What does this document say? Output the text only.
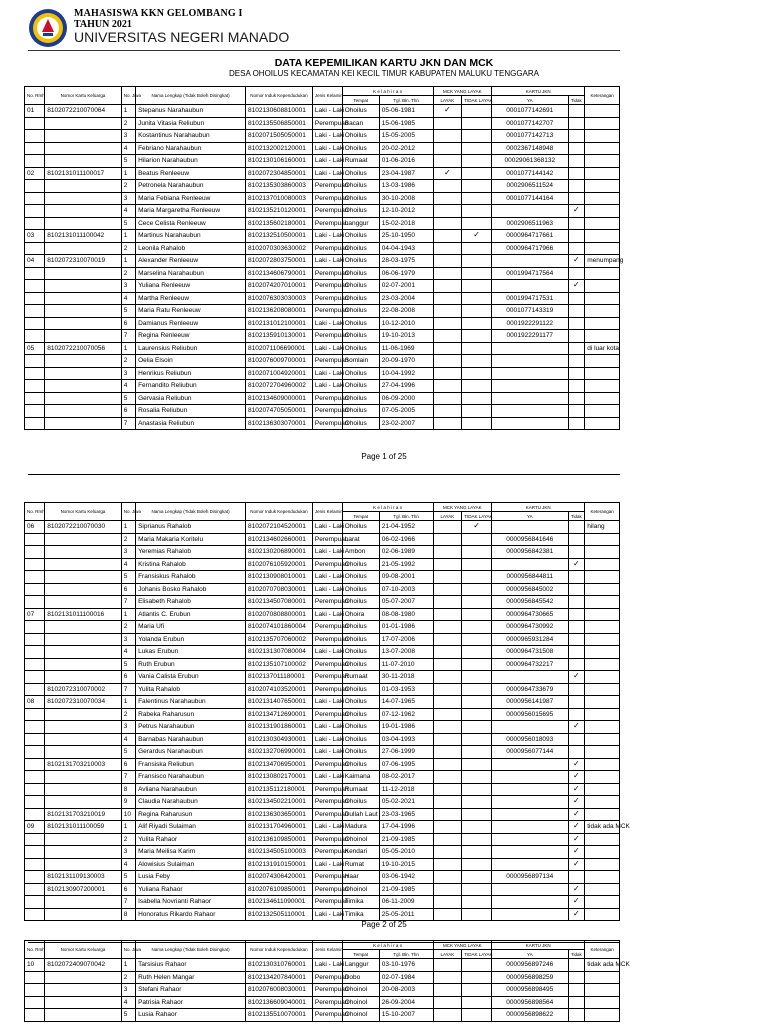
MAHASISWA KKN GELOMBANG I
TAHUN 2021
UNIVERSITAS NEGERI MANADO
DATA KEPEMILIKAN KARTU JKN DAN MCK
DESA OHOILUS KECAMATAN KEI KECIL TIMUR KABUPATEN MALUKU TENGGARA
No. Rmh	Nomor Kartu Keluarga	No. Jiwa	Nama Lengkap (Tidak Boleh Disingkat)	Nomor Induk Kependudukan	Jenis Kelamin	K e l a h i r a n		MCK YANG LAYAK		KARTU JKN		Keterangan
						Tempat	Tgl. Bln. Thn	LAYAK	TIDAK LAYAK	YA	Tidak	
01	8102072210070064	1	Stepanus Narahaubun	8102130608810001	Laki - Laki	Ohoilus	05-06-1981	✓		0001077142691		
		2	Junita Vitasia Reliubun	8102135506850001	Perempuan	Bacan	15-06-1985			0001077142707		
		3	Kostantinus Narahaubun	8102071505050001	Laki - Laki	Ohoilus	15-05-2005			0001077142713		
		4	Febriano Narahaubun	8102132002120001	Laki - Laki	Ohoilus	20-02-2012			0002367148948		
		5	Hilarion Narahaubun	8102130106160001	Laki - Laki	Rumaat	01-06-2016			00029061368132		
02	8102131011100017	1	Beatus Renleeuw	8102072304850001	Laki - Laki	Ohoilus	23-04-1987	✓		0001077144142		
		2	Petronela Narahaubun	8102135303860003	Perempuan	Ohoilus	13-03-1986			0002906511524		
		3	Maria Febiana Renleeuw	8102137010080003	Perempuan	Ohoilus	30-10-2008			0001077144164		
		4	Maria Margaretha Renleeuw	8102135210120001	Perempuan	Ohoilus	12-10-2012				✓	
		5	Cece Celista Renleeuw	8102135602180001	Perempuan	Langgur	15-02-2018			0002906511963		
03	8102131011100042	1	Martinus Narahaubun	8102132510500001	Laki - Laki	Ohoilus	25-10-1950		✓	0000964717661		
		2	Leonila Rahalob	8102070303630002	Perempuan	Ohoilus	04-04-1943			0000964717966		
04	8102072310070019	1	Alexander Renleeuw	8102072803750001	Laki - Laki	Ohoilus	28-03-1975				✓	menumpang
		2	Marselina Narahaubun	8102134606790001	Perempuan	Ohoilus	06-06-1979			0001994717564		
		3	Yuliana Renleeuw	8102074207010001	Perempuan	Ohoilus	02-07-2001				✓	
		4	Martha Renleeuw	8102076303030003	Perempuan	Ohoilus	23-03-2004			0001994717531		
		5	Maria Ratu Renleeuw	8102136208080001	Perempuan	Ohoilus	22-08-2008			0001077143319		
		6	Damianus Renleeuw	8102131012100001	Laki - Laki	Ohoilus	10-12-2010			0001922291122		
		7	Regina Renleeuw	8102135910130001	Perempuan	Ohoilus	19-10-2013			0001922291177		
05	8102072210070056	1	Laurensius Reliubun	8102071106690001	Laki - Laki	Ohoilus	11-06-1969					di luar kota
		2	Oelia Elsoin	8102076009700001	Perempuan	Somlain	20-09-1970					
		3	Henrikus Reliubun	8102071004920001	Laki - Laki	Ohoilus	10-04-1992					
		4	Fernandito Reliubun	8102072704960002	Laki - Laki	Ohoilus	27-04-1996					
		5	Gervasia Reliubun	8102134609000001	Perempuan	Ohoilus	06-09-2000					
		6	Rosalia Reliubun	8102074705050001	Perempuan	Ohoilus	07-05-2005					
		7	Anastasia Reliubun	8102136303070001	Perempuan	Ohoilus	23-02-2007					
Page 1 of 25
No. Rmh	Nomor Kartu Keluarga	No. Jiwa	Nama Lengkap (Tidak Boleh Disingkat)	Nomor Induk Kependudukan	Jenis Kelamin	K e l a h i r a n		MCK YANG LAYAK		KARTU JKN		Keterangan
						Tempat	Tgl. Bln. Thn	LAYAK	TIDAK LAYAK	YA	Tidak	
06	8102072210070030	1	Siprianus Rahalob	8102072104520001	Laki - Laki	Ohoilus	21-04-1952		✓			hilang
		2	Maria Makaria Koritelu	8102134602660001	Perempuan	Larat	06-02-1966			0000956841646		
		3	Yeremias Rahalob	8102130206890001	Laki - Laki	Ambon	02-06-1989			0000956842381		
		4	Kristina Rahalob	8102076105920001	Perempuan	Ohoilus	21-05-1992				✓	
		5	Fransiskus Rahalob	8102130908010001	Laki - Laki	Ohoilus	09-08-2001			0000956844811		
		6	Johanis Bosko Rahalob	8102070708030001	Laki - Laki	Ohoilus	07-10-2003			0000956845002		
		7	Elisabeth Rahalob	8102134507080001	Perempuan	Ohoilus	05-07-2007			0000956845542		
07	8102131011100016	1	Atlantis C. Erubun	8102070808800001	Laki - Laki	Ohoira	08-08-1980			0000964730665		
		2	Maria Ufi	8102074101860004	Perempuan	Ohoilus	01-01-1986			0000964730992		
		3	Yolanda Erubun	8102135707060002	Perempuan	Ohoilus	17-07-2006			0000965931284		
		4	Lukas Erubun	8102131307080004	Laki - Laki	Ohoilus	13-07-2008			0000964731508		
		5	Ruth Erubun	8102135107100002	Perempuan	Ohoilus	11-07-2010			0000964732217		
		6	Vania Calista Erubun	8102137011180001	Perempuan	Rumaat	30-11-2018				✓	
	8102072310070002	7	Yulita Rahalob	8102074103520001	Perempuan	Ohoilus	01-03-1953			0000964733679		
08	8102072310070034	1	Falentinus Narahaubun	8102131407650001	Laki - Laki	Ohoilus	14-07-1965			0000956141987		
		2	Rabeka Raharusun	8102134712690001	Perempuan	Ohoilus	07-12-1962			0000956015695		
		3	Petrus Narahaubun	8102131901860001	Laki - Laki	Ohoilus	19-01-1986				✓	
		4	Barnabas Narahaubun	8102130304930001	Laki - Laki	Ohoilus	03-04-1993			0000956018093		
		5	Gerardus Narahaubun	8102132706990001	Laki - Laki	Ohoilus	27-06-1999			0000956077144		
	8102131703210003	6	Fransiska Reliubun	8102134706950001	Perempuan	Ohoilus	07-06-1995				✓	
		7	Fransisco Narahaubun	8102130802170001	Laki - Laki	Kaimana	08-02-2017				✓	
		8	Avliana Narahaubun	8102135112180001	Perempuan	Rumaat	11-12-2018				✓	
		9	Claudia Narahaubun	8102134502210001	Perempuan	Ohoilus	05-02-2021				✓	
	8102131703210019	10	Regina Raharusun	8102136303650001	Perempuan	Dullah Laut	23-03-1965				✓	
09	8102131011100059	1	Alif Riyadi Sulaiman	8102131704960001	Laki - Laki	Madura	17-04-1996				✓	tidak ada MCK
		2	Yulita Rahaor	8102136109850001	Perempuan	Ohoinol	21-09-1985				✓	
		3	Maria Meilisa Karim	8102134505100003	Perempuan	Kendari	05-05-2010				✓	
		4	Alowisius Sulaiman	8102131910150001	Laki - Laki	Rumat	19-10-2015				✓	
	8102131109130003	5	Lusia Feby	8102074306420001	Perempuan	Haar	03-06-1942			0000956897134		
	8102130907200001	6	Yuliana Rahaor	8102076109850001	Perempuan	Ohoinol	21-09-1985				✓	
		7	Isabella Novrianti Rahaor	8102134611090001	Perempuan	Timika	06-11-2009				✓	
		8	Honoratus Rikardo Rahaor	8102132505110001	Laki - Laki	Timika	25-05-2011				✓	
Page 2 of 25
No. Rmh	Nomor Kartu Keluarga	No. Jiwa	Nama Lengkap (Tidak Boleh Disingkat)	Nomor Induk Kependudukan	Jenis Kelamin	K e l a h i r a n		MCK YANG LAYAK		KARTU JKN		Keterangan
						Tempat	Tgl. Bln. Thn	LAYAK	TIDAK LAYAK	YA	Tidak	
10	8102072409070042	1	Tarsisius Rahaor	8102130310760001	Laki - Laki	Langgur	03-10-1976			0000956897246		tidak ada MCK
		2	Ruth Helen Mangar	8102134207840001	Perempuan	Dobo	02-07-1984			0000956898259		
		3	Stefani Rahaor	8102076008030001	Perempuan	Ohoinol	20-08-2003			0000956898495		
		4	Patrisia Rahaor	8102136609040001	Perempuan	Ohoinol	26-09-2004			0000956898564		
		5	Lusia Rahaor	8102135510070001	Perempuan	Ohoinol	15-10-2007			0000956898622		
